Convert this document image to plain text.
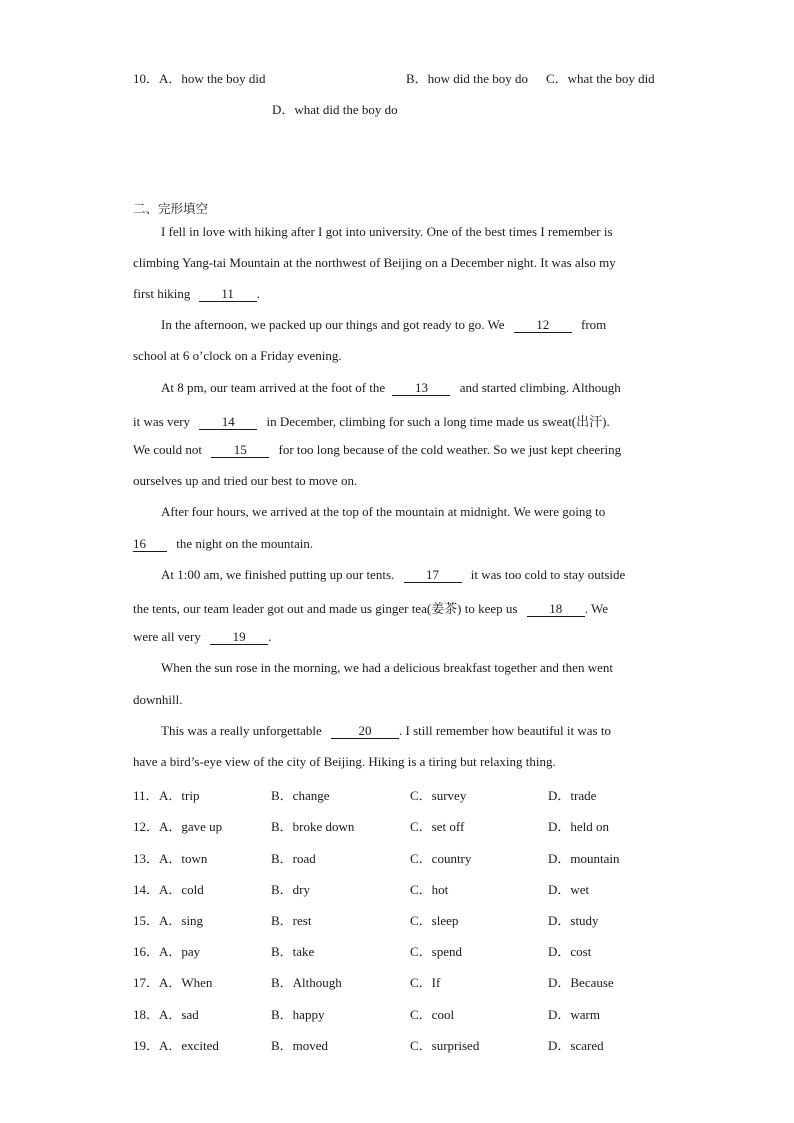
10．A．how the boy did	B．how did the boy do C．what the boy did
D．what did the boy do
二、完形填空
I fell in love with hiking after I got into university. One of the best times I remember is
climbing Yang-tai Mountain at the northwest of Beijing on a December night. It was also my
first hiking 11 .
In the afternoon, we packed up our things and got ready to go. We 12 from
school at 6 o’clock on a Friday evening.
At 8 pm, our team arrived at the foot of the 13 and started climbing. Although
it was very 14 in December, climbing for such a long time made us sweat(出汗).
We could not 15 for too long because of the cold weather. So we just kept cheering
ourselves up and tried our best to move on.
After four hours, we arrived at the top of the mountain at midnight. We were going to
16 the night on the mountain.
At 1:00 am, we finished putting up our tents. 17 it was too cold to stay outside
the tents, our team leader got out and made us ginger tea(姜茶) to keep us 18 . We
were all very 19 .
When the sun rose in the morning, we had a delicious breakfast together and then went
downhill.
This was a really unforgettable	20 . I still remember how beautiful it was to
have a bird’s-eye view of the city of Beijing. Hiking is a tiring but relaxing thing.
11． A．trip	B．change	C．survey	D．trade
12． A．gave up	B．broke down	C．set off	D．held on
13． A．town	B．road	C．country	D．mountain
14． A．cold	B．dry	C．hot	D．wet
15． A．sing	B．rest	C．sleep	D．study
16． A．pay	B．take	C．spend	D．cost
17． A．When	B．Although	C．If	D．Because
18． A．sad	B．happy	C．cool	D．warm
19． A．excited	B．moved	C．surprised	D．scared
